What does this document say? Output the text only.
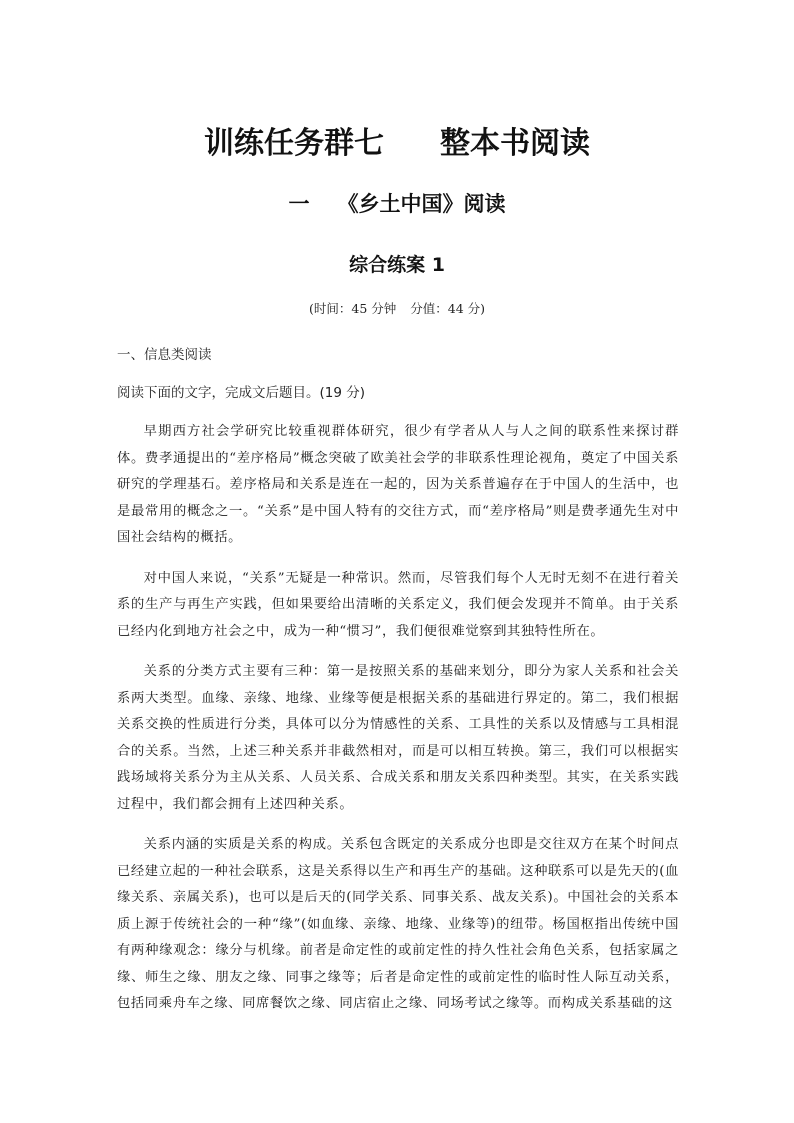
训练任务群七 整本书阅读
一 《乡土中国》阅读
综合练案 1
(时间：45 分钟 分值：44 分)
一、信息类阅读
阅读下面的文字，完成文后题目。(19 分)

早期西方社会学研究比较重视群体研究，很少有学者从人与人之间的联系性来探讨群体。费孝通提出的“差序格局”概念突破了欧美社会学的非联系性理论视角，奠定了中国关系研究的学理基石。差序格局和关系是连在一起的，因为关系普遍存在于中国人的生活中，也是最常用的概念之一。“关系”是中国人特有的交往方式，而“差序格局”则是费孝通先生对中国社会结构的概括。

对中国人来说，“关系”无疑是一种常识。然而，尽管我们每个人无时无刻不在进行着关系的生产与再生产实践，但如果要给出清晰的关系定义，我们便会发现并不简单。由于关系已经内化到地方社会之中，成为一种“惯习”，我们便很难觉察到其独特性所在。

关系的分类方式主要有三种：第一是按照关系的基础来划分，即分为家人关系和社会关系两大类型。血缘、亲缘、地缘、业缘等便是根据关系的基础进行界定的。第二，我们根据关系交换的性质进行分类，具体可以分为情感性的关系、工具性的关系以及情感与工具相混合的关系。当然，上述三种关系并非截然相对，而是可以相互转换。第三，我们可以根据实践场域将关系分为主从关系、人员关系、合成关系和朋友关系四种类型。其实，在关系实践过程中，我们都会拥有上述四种关系。

关系内涵的实质是关系的构成。关系包含既定的关系成分也即是交往双方在某个时间点已经建立起的一种社会联系，这是关系得以生产和再生产的基础。这种联系可以是先天的(血缘关系、亲属关系)，也可以是后天的(同学关系、同事关系、战友关系)。中国社会的关系本质上源于传统社会的一种“缘”(如血缘、亲缘、地缘、业缘等)的纽带。杨国枢指出传统中国有两种缘观念：缘分与机缘。前者是命定性的或前定性的持久性社会角色关系，包括家属之缘、师生之缘、朋友之缘、同事之缘等；后者是命定性的或前定性的临时性人际互动关系，包括同乘舟车之缘、同席餐饮之缘、同店宿止之缘、同场考试之缘等。而构成关系基础的这
